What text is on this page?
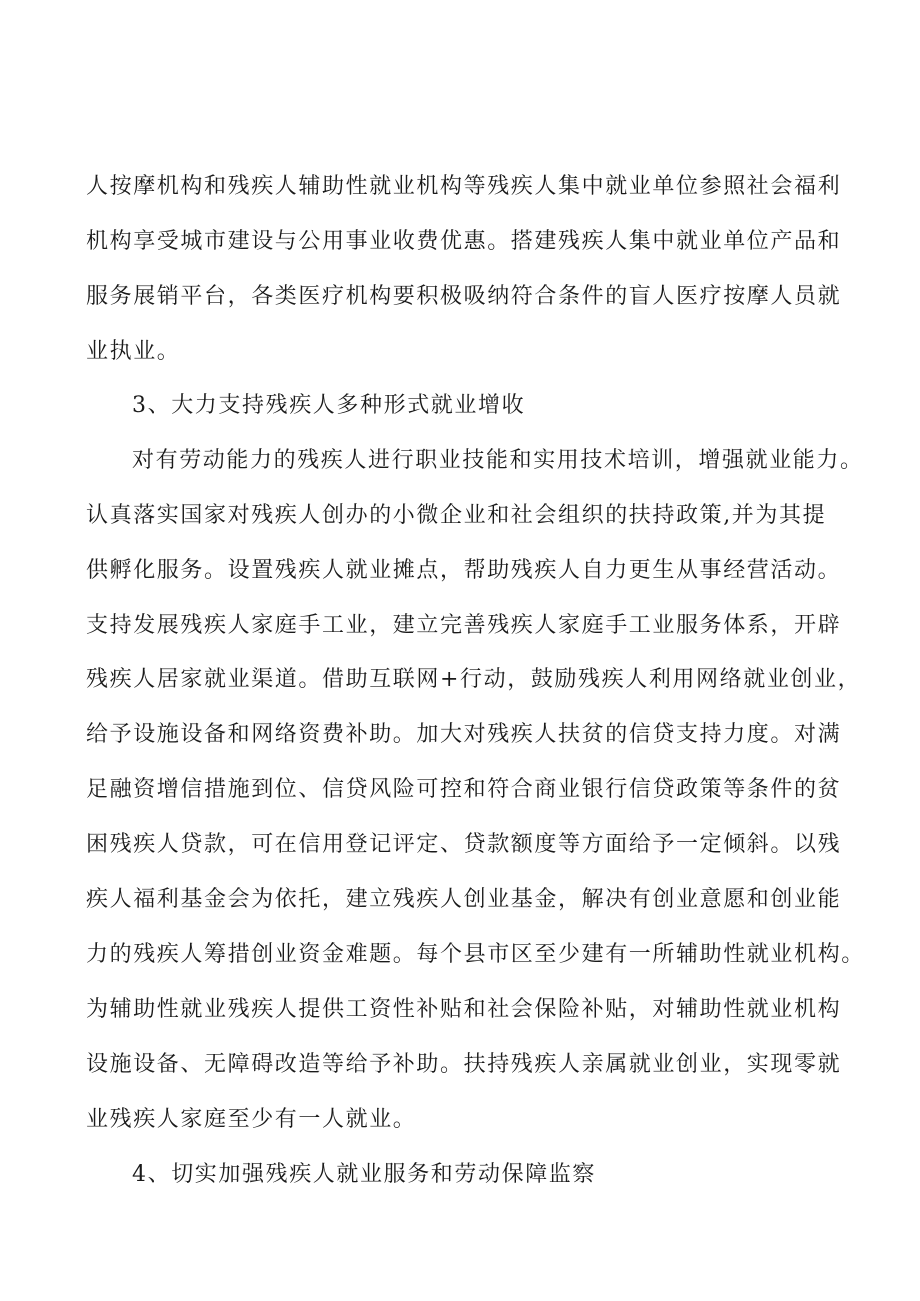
人按摩机构和残疾人辅助性就业机构等残疾人集中就业单位参照社会福利
机构享受城市建设与公用事业收费优惠。搭建残疾人集中就业单位产品和
服务展销平台，各类医疗机构要积极吸纳符合条件的盲人医疗按摩人员就
业执业。
3、大力支持残疾人多种形式就业增收
对有劳动能力的残疾人进行职业技能和实用技术培训，增强就业能力。
认真落实国家对残疾人创办的小微企业和社会组织的扶持政策,并为其提
供孵化服务。设置残疾人就业摊点，帮助残疾人自力更生从事经营活动。
支持发展残疾人家庭手工业，建立完善残疾人家庭手工业服务体系，开辟
残疾人居家就业渠道。借助互联网+行动，鼓励残疾人利用网络就业创业，
给予设施设备和网络资费补助。加大对残疾人扶贫的信贷支持力度。对满
足融资增信措施到位、信贷风险可控和符合商业银行信贷政策等条件的贫
困残疾人贷款，可在信用登记评定、贷款额度等方面给予一定倾斜。以残
疾人福利基金会为依托，建立残疾人创业基金，解决有创业意愿和创业能
力的残疾人筹措创业资金难题。每个县市区至少建有一所辅助性就业机构。
为辅助性就业残疾人提供工资性补贴和社会保险补贴，对辅助性就业机构
设施设备、无障碍改造等给予补助。扶持残疾人亲属就业创业，实现零就
业残疾人家庭至少有一人就业。
4、切实加强残疾人就业服务和劳动保障监察
